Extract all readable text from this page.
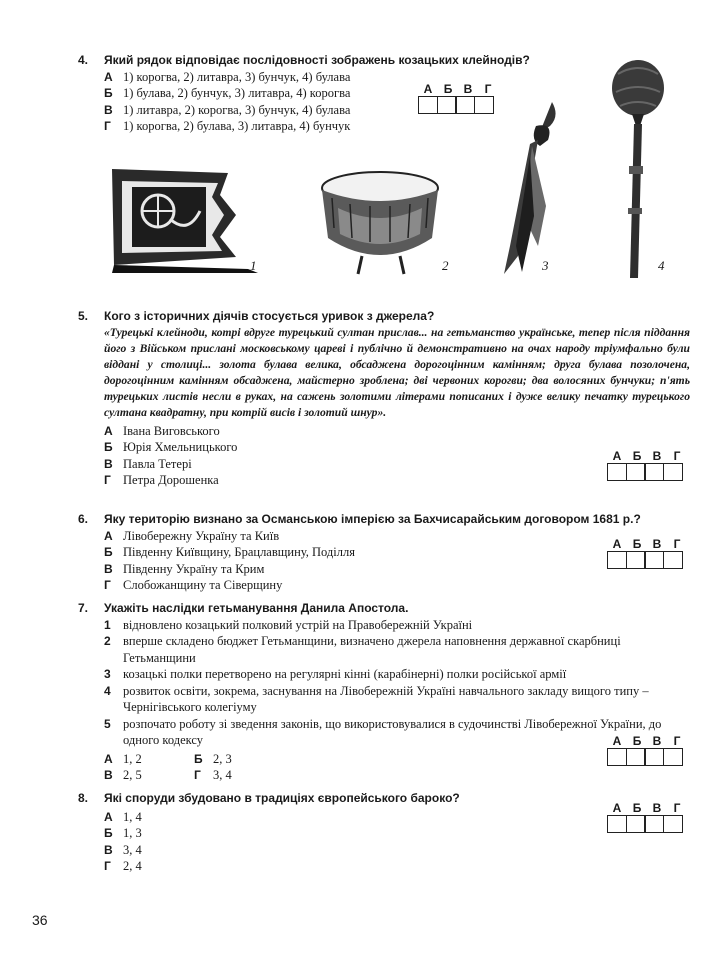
4.	Який рядок відповідає послідовності зображень козацьких клейнодів?
А 1) корогва, 2) литавра, 3) бунчук, 4) булава
Б 1) булава, 2) бунчук, 3) литавра, 4) корогва
В 1) литавра, 2) корогва, 3) бунчук, 4) булава
Г 1) корогва, 2) булава, 3) литавра, 4) бунчук
А Б В	Г
1	2	3	4
5.	Кого з історичних діячів стосується уривок з джерела?
«Турецькі клейноди, котрі вдруге турецький султан прислав... на гетьманство українське, тепер після піддання його з Військом прислані московському цареві і публічно й демонстративно на очах народу тріумфально були віддані у столиці... золота булава велика, обсаджена дорогоцінним камінням; друга булава позолочена, дорогоцінним камінням обсаджена, майстерно зроблена; дві червоних корогви; два волосяних бунчуки; п'ять турецьких листів несли в руках, на сажень золотими літерами пописаних і дуже велику печатку турецького султана квадратну, при котрій висів і золотий шнур».
А Івана Виговського
Б Юрія Хмельницького
В Павла Тетері
Г Петра Дорошенка
А Б В	Г
6.	Яку територію визнано за Османською імперією за Бахчисарайським договором 1681 р.?
А Лівобережну Україну та Київ
Б Південну Київщину, Брацлавщину, Поділля
В Південну Україну та Крим
Г Слобожанщину та Сіверщину
А Б В	Г
7.	Укажіть наслідки гетьманування Данила Апостола.
1 відновлено козацький полковий устрій на Правобережній Україні
2 вперше складено бюджет Гетьманщини, визначено джерела наповнення державної скарбниці Гетьманщини
3 козацькі полки перетворено на регулярні кінні (карабінерні) полки російської армії
4 розвиток освіти, зокрема, заснування на Лівобережній Україні навчального закладу вищого типу – Чернігівського колегіуму
5 розпочато роботу зі зведення законів, що використовувалися в судочинстві Лівобережної України, до одного кодексу
А 1, 2
В 2, 5
Б 2, 3
Г 3, 4
А Б В	Г
8.	Які споруди збудовано в традиціях європейського бароко?
А 1, 4
Б 1, 3
В 3, 4
Г 2, 4
А Б В	Г
36
